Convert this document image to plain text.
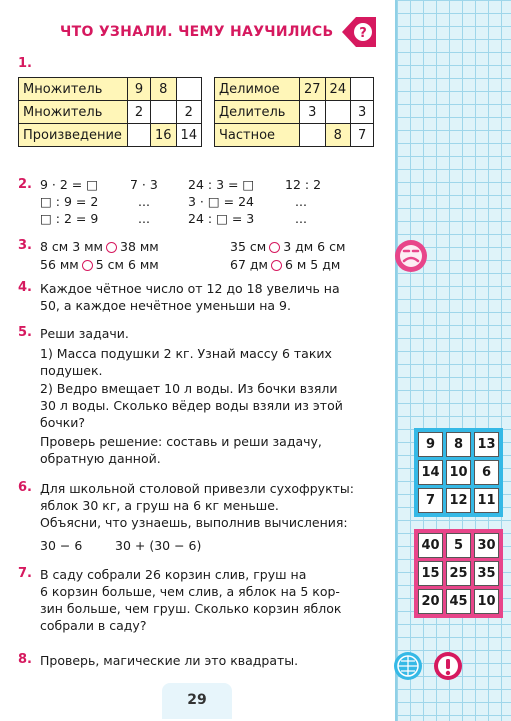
ЧТО УЗНАЛИ. ЧЕМУ НАУЧИЛИСЬ ?
1.
Множитель	9	8	
Множитель	2		2
Произведение		16	14
Делимое	27	24	
Делитель	3		3
Частное		8	7
2. 9 · 2 = □	7 · 3 24 : 3 = □ 12 : 2
□ : 9 = 2	...	3 · □ = 24	...
□ : 2 = 9	...	24 : □ = 3	...
3. 8 см 3 мм 38 мм	35 см 3 дм 6 см
56 мм 5 см 6 мм	67 дм 6 м 5 дм
4. Каждое чётное число от 12 до 18 увеличь на
50, а каждое нечётное уменьши на 9.
5. Реши задачи.
1) Масса подушки 2 кг. Узнай массу 6 таких
подушек.
2) Ведро вмещает 10 л воды. Из бочки взяли
30 л воды. Сколько вёдер воды взяли из этой
бочки?
Проверь решение: составь и реши задачу,
обратную данной.
6. Для школьной столовой привезли сухофрукты:
яблок 30 кг, а груш на 6 кг меньше.
Объясни, что узнаешь, выполнив вычисления:
30 − 6	30 + (30 − 6)
7. В саду собрали 26 корзин слив, груш на
6 корзин больше, чем слив, а яблок на 5 кор-
зин больше, чем груш. Сколько корзин яблок
собрали в саду?
8. Проверь, магические ли это квадраты.
9	8	13
14	10	6
7	12	11
40	5	30
15	25	35
20	45	10
29
